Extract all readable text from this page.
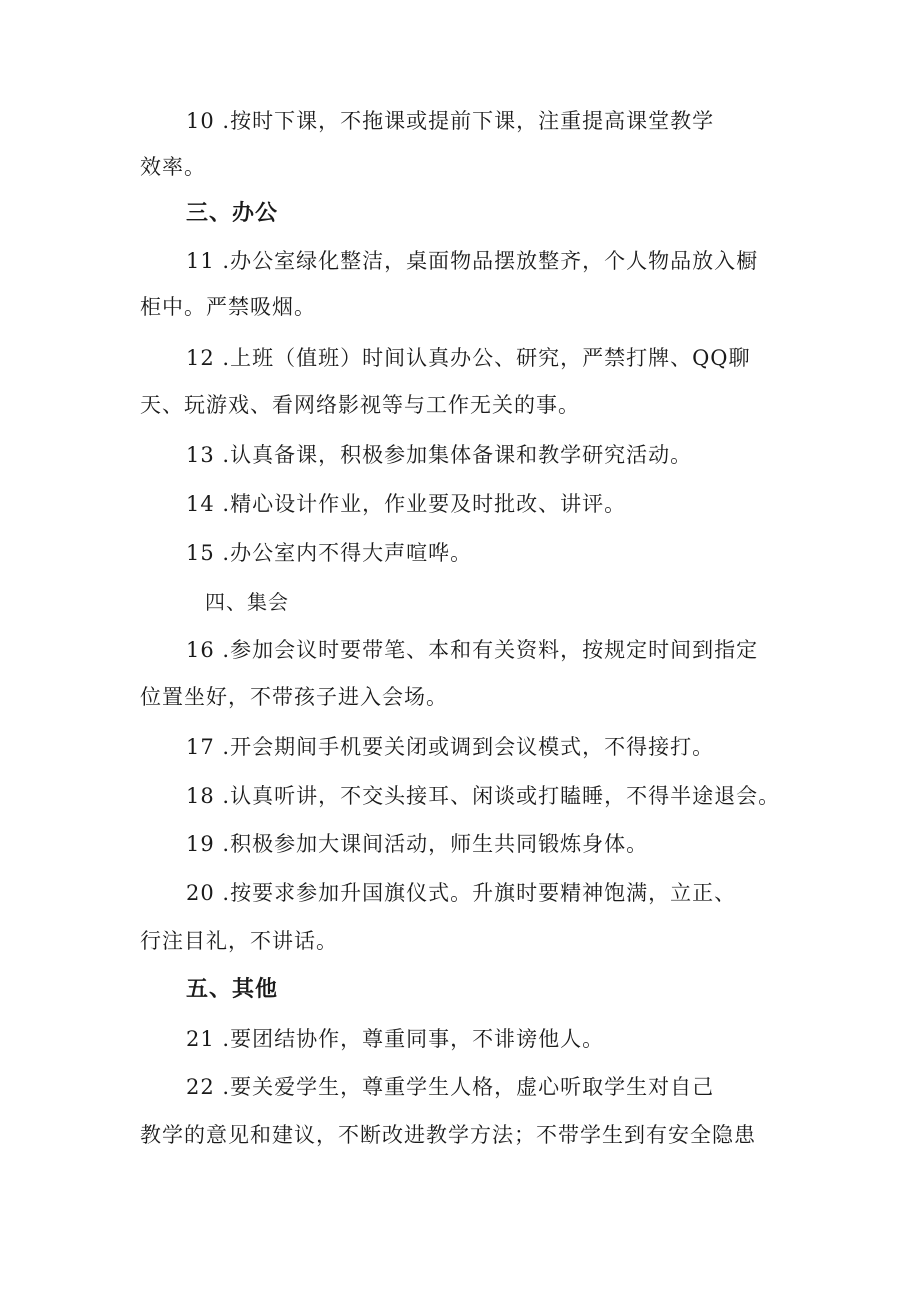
10 .按时下课，不拖课或提前下课，注重提高课堂教学
效率。
三、办公
11 .办公室绿化整洁，桌面物品摆放整齐，个人物品放入橱
柜中。严禁吸烟。
12 .上班（值班）时间认真办公、研究，严禁打牌、QQ聊
天、玩游戏、看网络影视等与工作无关的事。
13 .认真备课，积极参加集体备课和教学研究活动。
14 .精心设计作业，作业要及时批改、讲评。
15 .办公室内不得大声喧哗。
四、集会
16 .参加会议时要带笔、本和有关资料，按规定时间到指定
位置坐好，不带孩子进入会场。
17 .开会期间手机要关闭或调到会议模式，不得接打。
18 .认真听讲，不交头接耳、闲谈或打瞌睡，不得半途退会。
19 .积极参加大课间活动，师生共同锻炼身体。
20 .按要求参加升国旗仪式。升旗时要精神饱满，立正、
行注目礼，不讲话。
五、其他
21 .要团结协作，尊重同事，不诽谤他人。
22 .要关爱学生，尊重学生人格，虚心听取学生对自己
教学的意见和建议，不断改进教学方法；不带学生到有安全隐患
